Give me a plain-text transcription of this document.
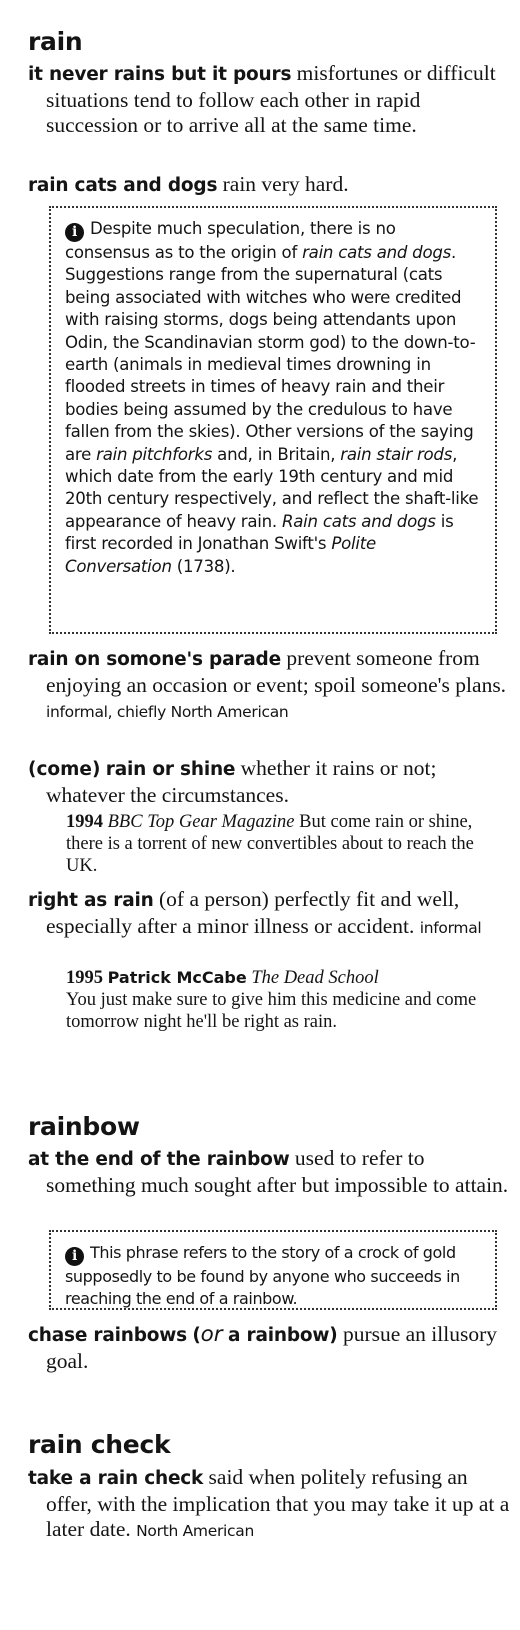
rain

it never rains but it pours misfortunes or difficult situations tend to follow each other in rapid succession or to arrive all at the same time.

rain cats and dogs rain very hard.

i Despite much speculation, there is no consensus as to the origin of rain cats and dogs. Suggestions range from the supernatural (cats being associated with witches who were credited with raising storms, dogs being attendants upon Odin, the Scandinavian storm god) to the down-to-earth (animals in medieval times drowning in flooded streets in times of heavy rain and their bodies being assumed by the credulous to have fallen from the skies). Other versions of the saying are rain pitchforks and, in Britain, rain stair rods, which date from the early 19th century and mid 20th century respectively, and reflect the shaft-like appearance of heavy rain. Rain cats and dogs is first recorded in Jonathan Swift's Polite Conversation (1738).

rain on somone's parade prevent someone from enjoying an occasion or event; spoil someone's plans. informal, chiefly North American

(come) rain or shine whether it rains or not; whatever the circumstances.

1994 BBC Top Gear Magazine But come rain or shine, there is a torrent of new convertibles about to reach the UK.

right as rain (of a person) perfectly fit and well, especially after a minor illness or accident. informal

1995 Patrick McCabe The Dead School
You just make sure to give him this medicine and come tomorrow night he'll be right as rain.

rainbow

at the end of the rainbow used to refer to something much sought after but impossible to attain.

i This phrase refers to the story of a crock of gold supposedly to be found by anyone who succeeds in reaching the end of a rainbow.

chase rainbows (or a rainbow) pursue an illusory goal.

rain check

take a rain check said when politely refusing an offer, with the implication that you may take it up at a later date. North American
